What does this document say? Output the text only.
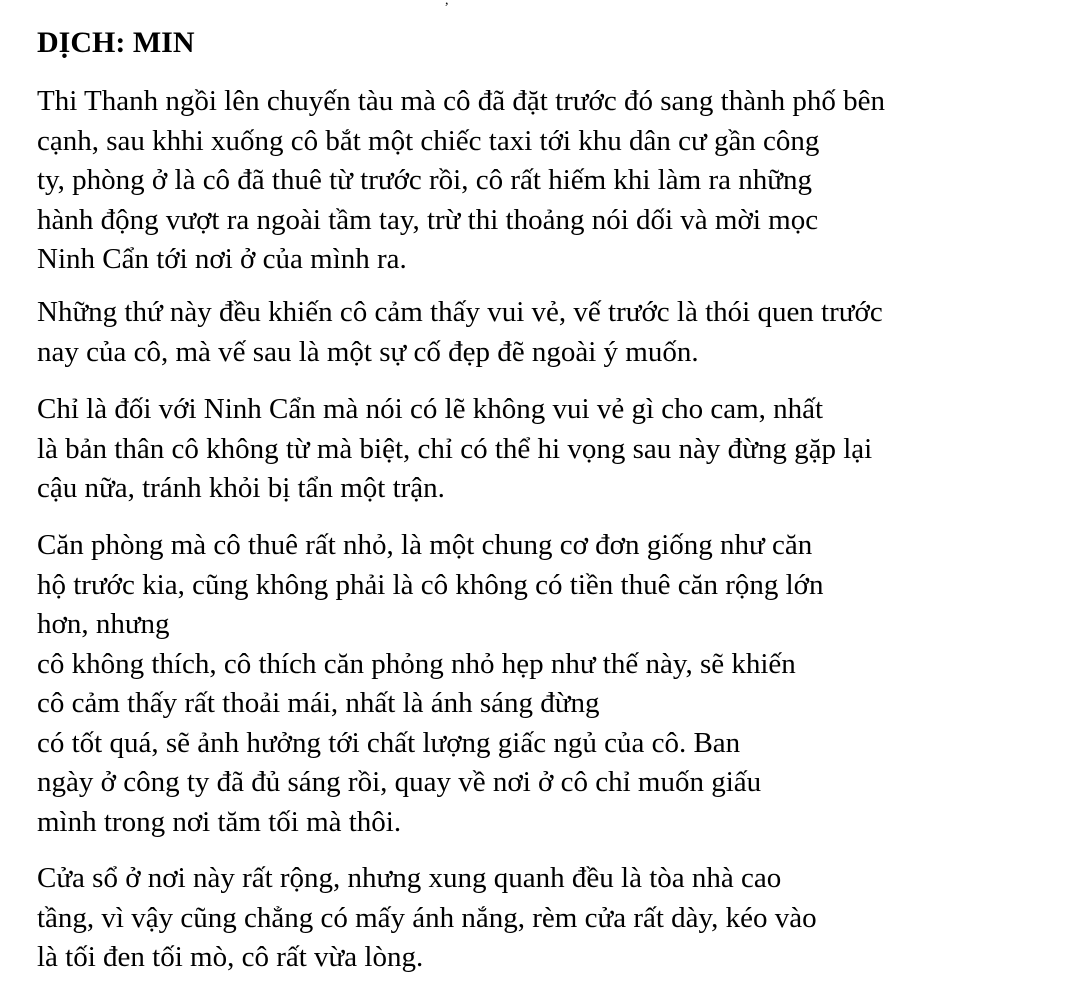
,
DỊCH: MIN
Thi Thanh ngồi lên chuyến tàu mà cô đã đặt trước đó sang thành phố bên
cạnh, sau khhi xuống cô bắt một chiếc taxi tới khu dân cư gần công
ty, phòng ở là cô đã thuê từ trước rồi, cô rất hiếm khi làm ra những
hành động vượt ra ngoài tầm tay, trừ thi thoảng nói dối và mời mọc
Ninh Cẩn tới nơi ở của mình ra.
Những thứ này đều khiến cô cảm thấy vui vẻ, vế trước là thói quen trước
nay của cô, mà vế sau là một sự cố đẹp đẽ ngoài ý muốn.
Chỉ là đối với Ninh Cẩn mà nói có lẽ không vui vẻ gì cho cam, nhất
là bản thân cô không từ mà biệt, chỉ có thể hi vọng sau này đừng gặp lại
cậu nữa, tránh khỏi bị tẩn một trận.
Căn phòng mà cô thuê rất nhỏ, là một chung cơ đơn giống như căn
hộ trước kia, cũng không phải là cô không có tiền thuê căn rộng lớn
hơn, nhưng
cô không thích, cô thích căn phỏng nhỏ hẹp như thế này, sẽ khiến
cô cảm thấy rất thoải mái, nhất là ánh sáng đừng
có tốt quá, sẽ ảnh hưởng tới chất lượng giấc ngủ của cô. Ban
ngày ở công ty đã đủ sáng rồi, quay về nơi ở cô chỉ muốn giấu
mình trong nơi tăm tối mà thôi.
Cửa sổ ở nơi này rất rộng, nhưng xung quanh đều là tòa nhà cao
tầng, vì vậy cũng chẳng có mấy ánh nắng, rèm cửa rất dày, kéo vào
là tối đen tối mò, cô rất vừa lòng.
